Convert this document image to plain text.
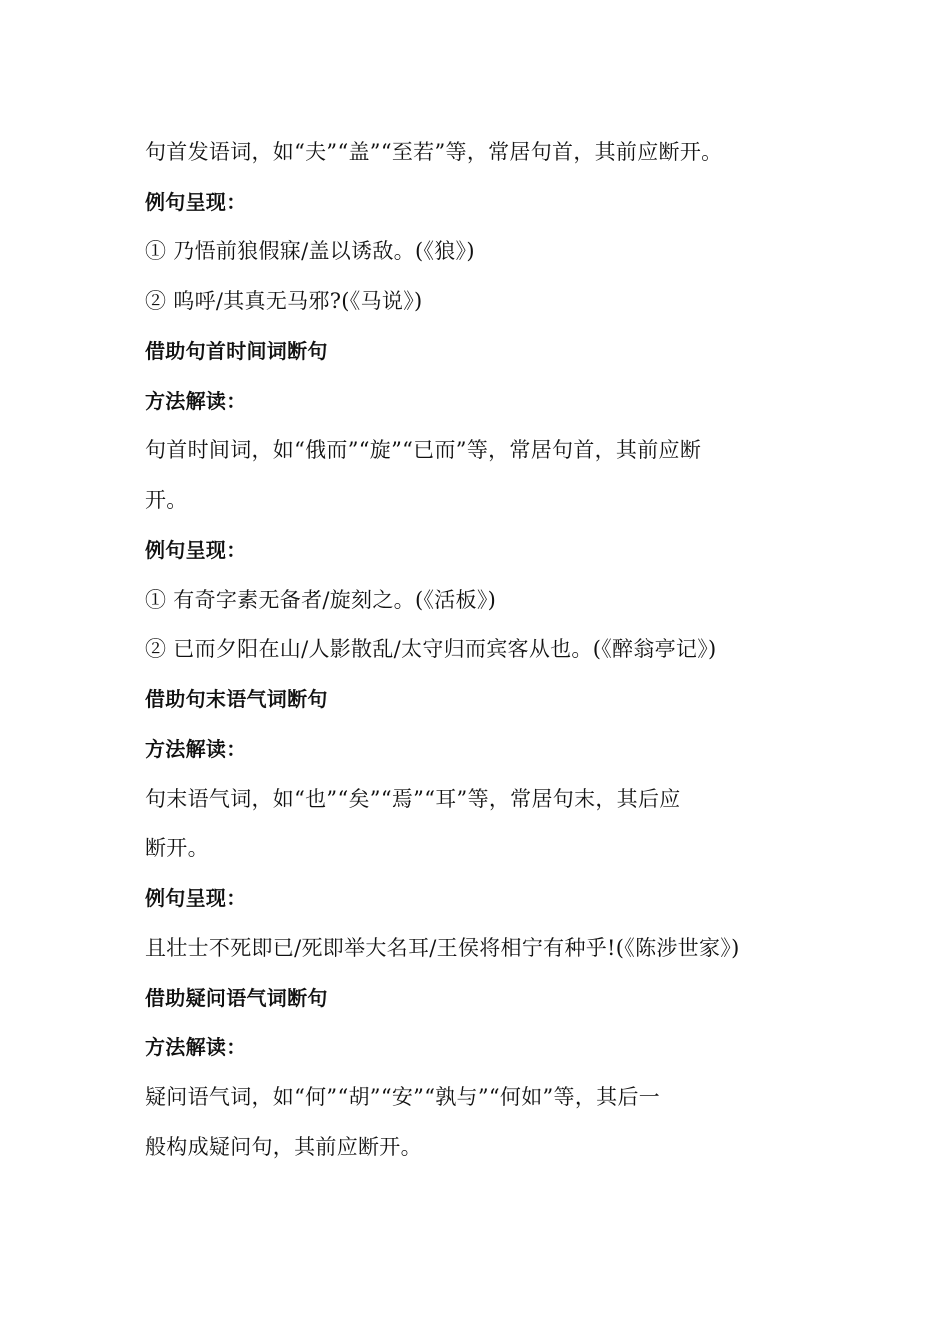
句首发语词，如“夫”“盖”“至若”等，常居句首，其前应断开。
例句呈现：
① 乃悟前狼假寐/盖以诱敌。(《狼》)
② 呜呼/其真无马邪?(《马说》)
借助句首时间词断句
方法解读：
句首时间词，如“俄而”“旋”“已而”等，常居句首，其前应断
开。
例句呈现：
① 有奇字素无备者/旋刻之。(《活板》)
② 已而夕阳在山/人影散乱/太守归而宾客从也。(《醉翁亭记》)
借助句末语气词断句
方法解读：
句末语气词，如“也”“矣”“焉”“耳”等，常居句末，其后应
断开。
例句呈现：
且壮士不死即已/死即举大名耳/王侯将相宁有种乎!(《陈涉世家》)
借助疑问语气词断句
方法解读：
疑问语气词，如“何”“胡”“安”“孰与”“何如”等，其后一
般构成疑问句，其前应断开。
